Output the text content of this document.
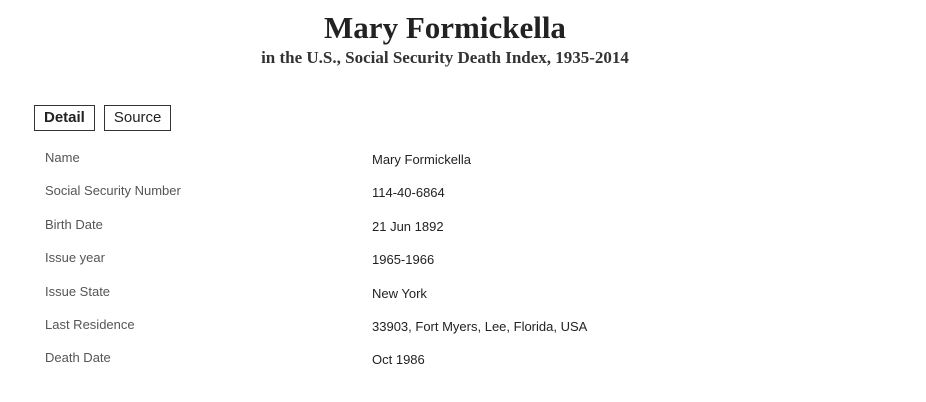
Mary Formickella
in the U.S., Social Security Death Index, 1935-2014
Detail	Source
Name	Mary Formickella
Social Security Number	114-40-6864
Birth Date	21 Jun 1892
Issue year	1965-1966
Issue State	New York
Last Residence	33903, Fort Myers, Lee, Florida, USA
Death Date	Oct 1986
